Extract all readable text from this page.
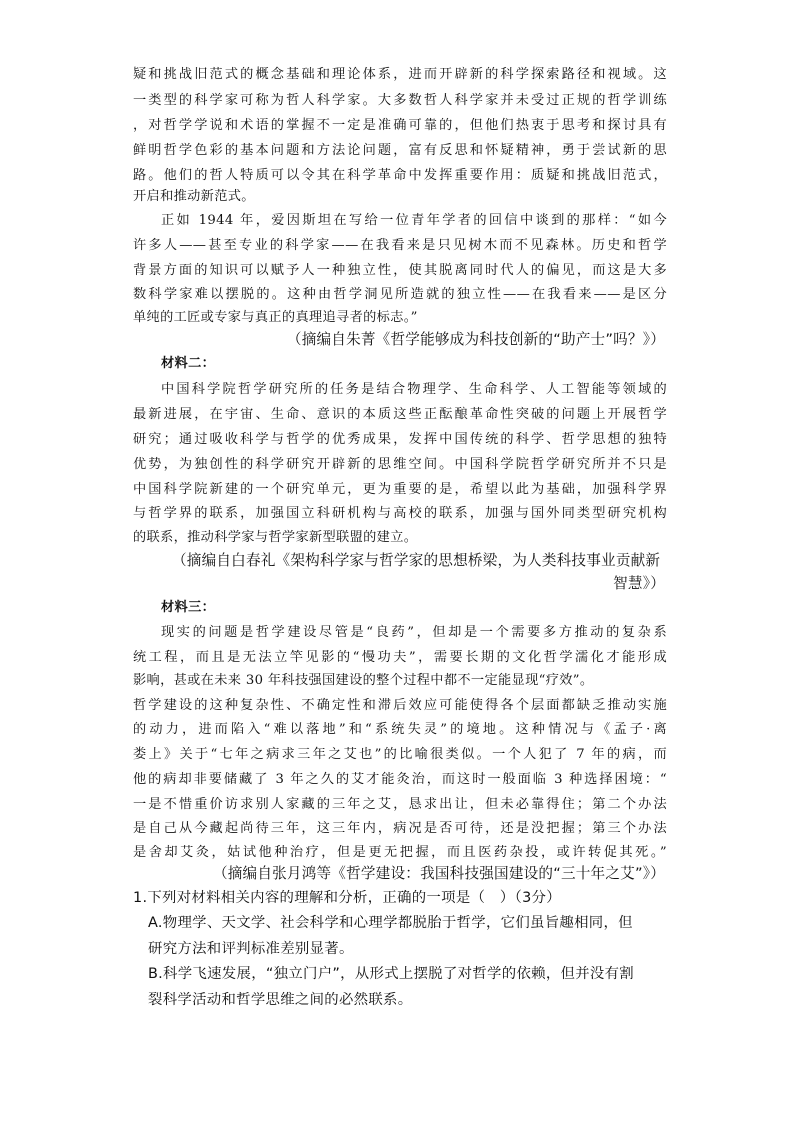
疑和挑战旧范式的概念基础和理论体系，进而开辟新的科学探索路径和视域。这
一类型的科学家可称为哲人科学家。大多数哲人科学家并未受过正规的哲学训练
，对哲学学说和术语的掌握不一定是准确可靠的，但他们热衷于思考和探讨具有
鲜明哲学色彩的基本问题和方法论问题，富有反思和怀疑精神，勇于尝试新的思
路。他们的哲人特质可以令其在科学革命中发挥重要作用：质疑和挑战旧范式，
开启和推动新范式。
正如 1944 年，爱因斯坦在写给一位青年学者的回信中谈到的那样：“如今
许多人——甚至专业的科学家——在我看来是只见树木而不见森林。历史和哲学
背景方面的知识可以赋予人一种独立性，使其脱离同时代人的偏见，而这是大多
数科学家难以摆脱的。这种由哲学洞见所造就的独立性——在我看来——是区分
单纯的工匠或专家与真正的真理追寻者的标志。”
（摘编自朱菁《哲学能够成为科技创新的“助产士”吗？》）
材料二：
中国科学院哲学研究所的任务是结合物理学、生命科学、人工智能等领域的
最新进展，在宇宙、生命、意识的本质这些正酝酿革命性突破的问题上开展哲学
研究；通过吸收科学与哲学的优秀成果，发挥中国传统的科学、哲学思想的独特
优势，为独创性的科学研究开辟新的思维空间。中国科学院哲学研究所并不只是
中国科学院新建的一个研究单元，更为重要的是，希望以此为基础，加强科学界
与哲学界的联系，加强国立科研机构与高校的联系，加强与国外同类型研究机构
的联系，推动科学家与哲学家新型联盟的建立。
（摘编自白春礼《架构科学家与哲学家的思想桥梁，为人类科技事业贡献新
智慧》）
材料三：
现实的问题是哲学建设尽管是“良药”，但却是一个需要多方推动的复杂系
统工程，而且是无法立竿见影的“慢功夫”，需要长期的文化哲学濡化才能形成
影响，甚或在未来 30 年科技强国建设的整个过程中都不一定能显现“疗效”。
哲学建设的这种复杂性、不确定性和滞后效应可能使得各个层面都缺乏推动实施
的动力，进而陷入“难以落地”和“系统失灵”的境地。这种情况与《孟子·离
娄上》关于“七年之病求三年之艾也”的比喻很类似。一个人犯了 7 年的病，而
他的病却非要储藏了 3 年之久的艾才能灸治，而这时一般面临 3 种选择困境：“
一是不惜重价访求别人家藏的三年之艾，恳求出让，但未必靠得住；第二个办法
是自己从今藏起尚待三年，这三年内，病况是否可待，还是没把握；第三个办法
是舍却艾灸，姑试他种治疗，但是更无把握，而且医药杂投，或许转促其死。”
（摘编自张月鸿等《哲学建设：我国科技强国建设的“三十年之艾”》）
1.下列对材料相关内容的理解和分析，正确的一项是（　）（3分）
A.物理学、天文学、社会科学和心理学都脱胎于哲学，它们虽旨趣相同，但
研究方法和评判标准差别显著。
B.科学飞速发展，“独立门户”，从形式上摆脱了对哲学的依赖，但并没有割
裂科学活动和哲学思维之间的必然联系。
